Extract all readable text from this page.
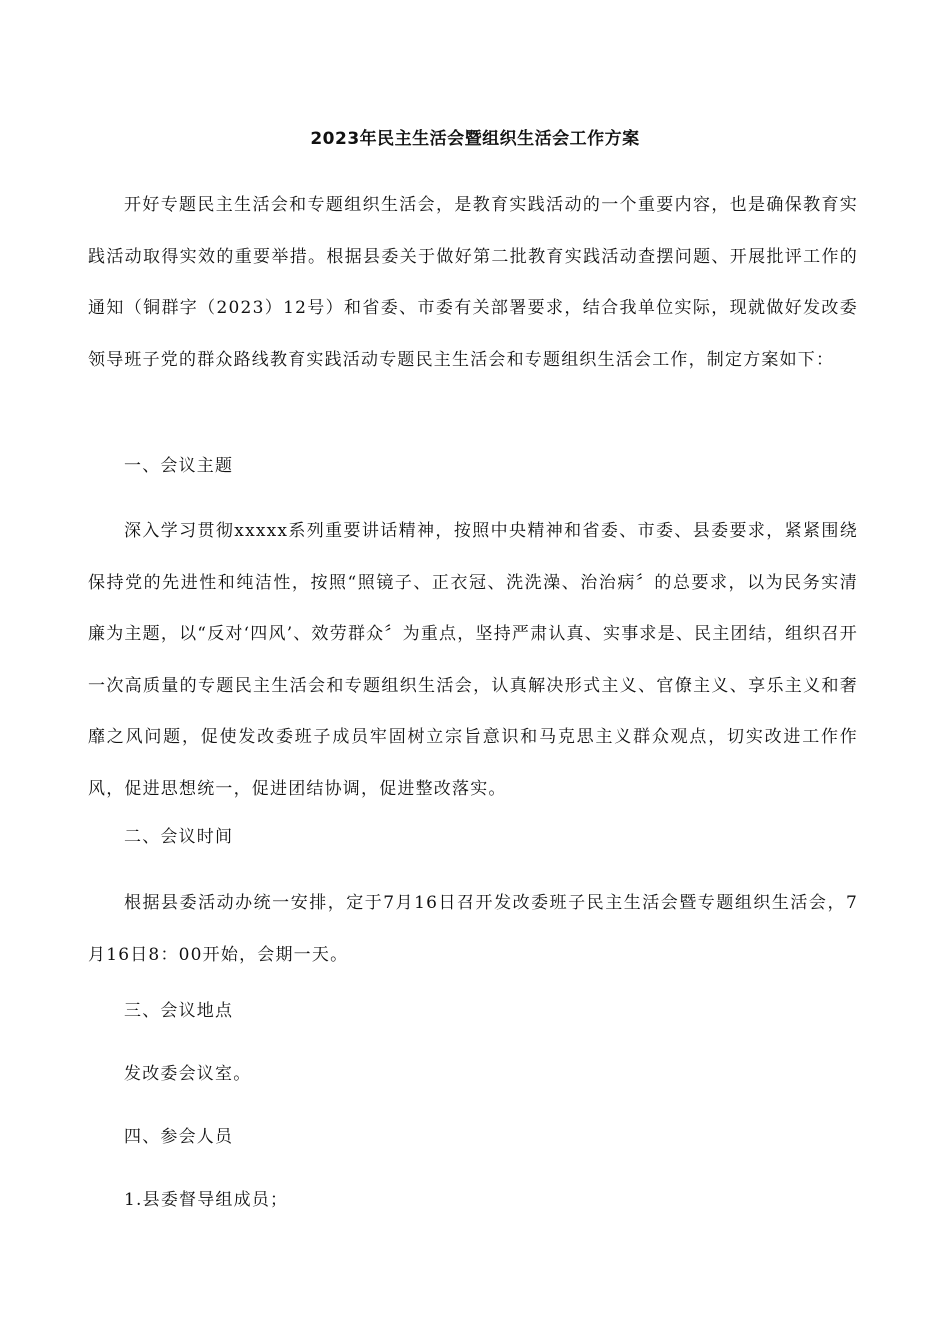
2023年民主生活会暨组织生活会工作方案

开好专题民主生活会和专题组织生活会，是教育实践活动的一个重要内容，也是确保教育实践活动取得实效的重要举措。根据县委关于做好第二批教育实践活动查摆问题、开展批评工作的通知（铜群字（2023）12号）和省委、市委有关部署要求，结合我单位实际，现就做好发改委领导班子党的群众路线教育实践活动专题民主生活会和专题组织生活会工作，制定方案如下：

一、会议主题

深入学习贯彻xxxxx系列重要讲话精神，按照中央精神和省委、市委、县委要求，紧紧围绕保持党的先进性和纯洁性，按照“照镜子、正衣冠、洗洗澡、治治病〞的总要求，以为民务实清廉为主题，以“反对‘四风’、效劳群众〞为重点，坚持严肃认真、实事求是、民主团结，组织召开一次高质量的专题民主生活会和专题组织生活会，认真解决形式主义、官僚主义、享乐主义和奢靡之风问题，促使发改委班子成员牢固树立宗旨意识和马克思主义群众观点，切实改进工作作风，促进思想统一，促进团结协调，促进整改落实。

二、会议时间

根据县委活动办统一安排，定于7月16日召开发改委班子民主生活会暨专题组织生活会，7月16日8：00开始，会期一天。

三、会议地点

发改委会议室。

四、参会人员

1.县委督导组成员；
